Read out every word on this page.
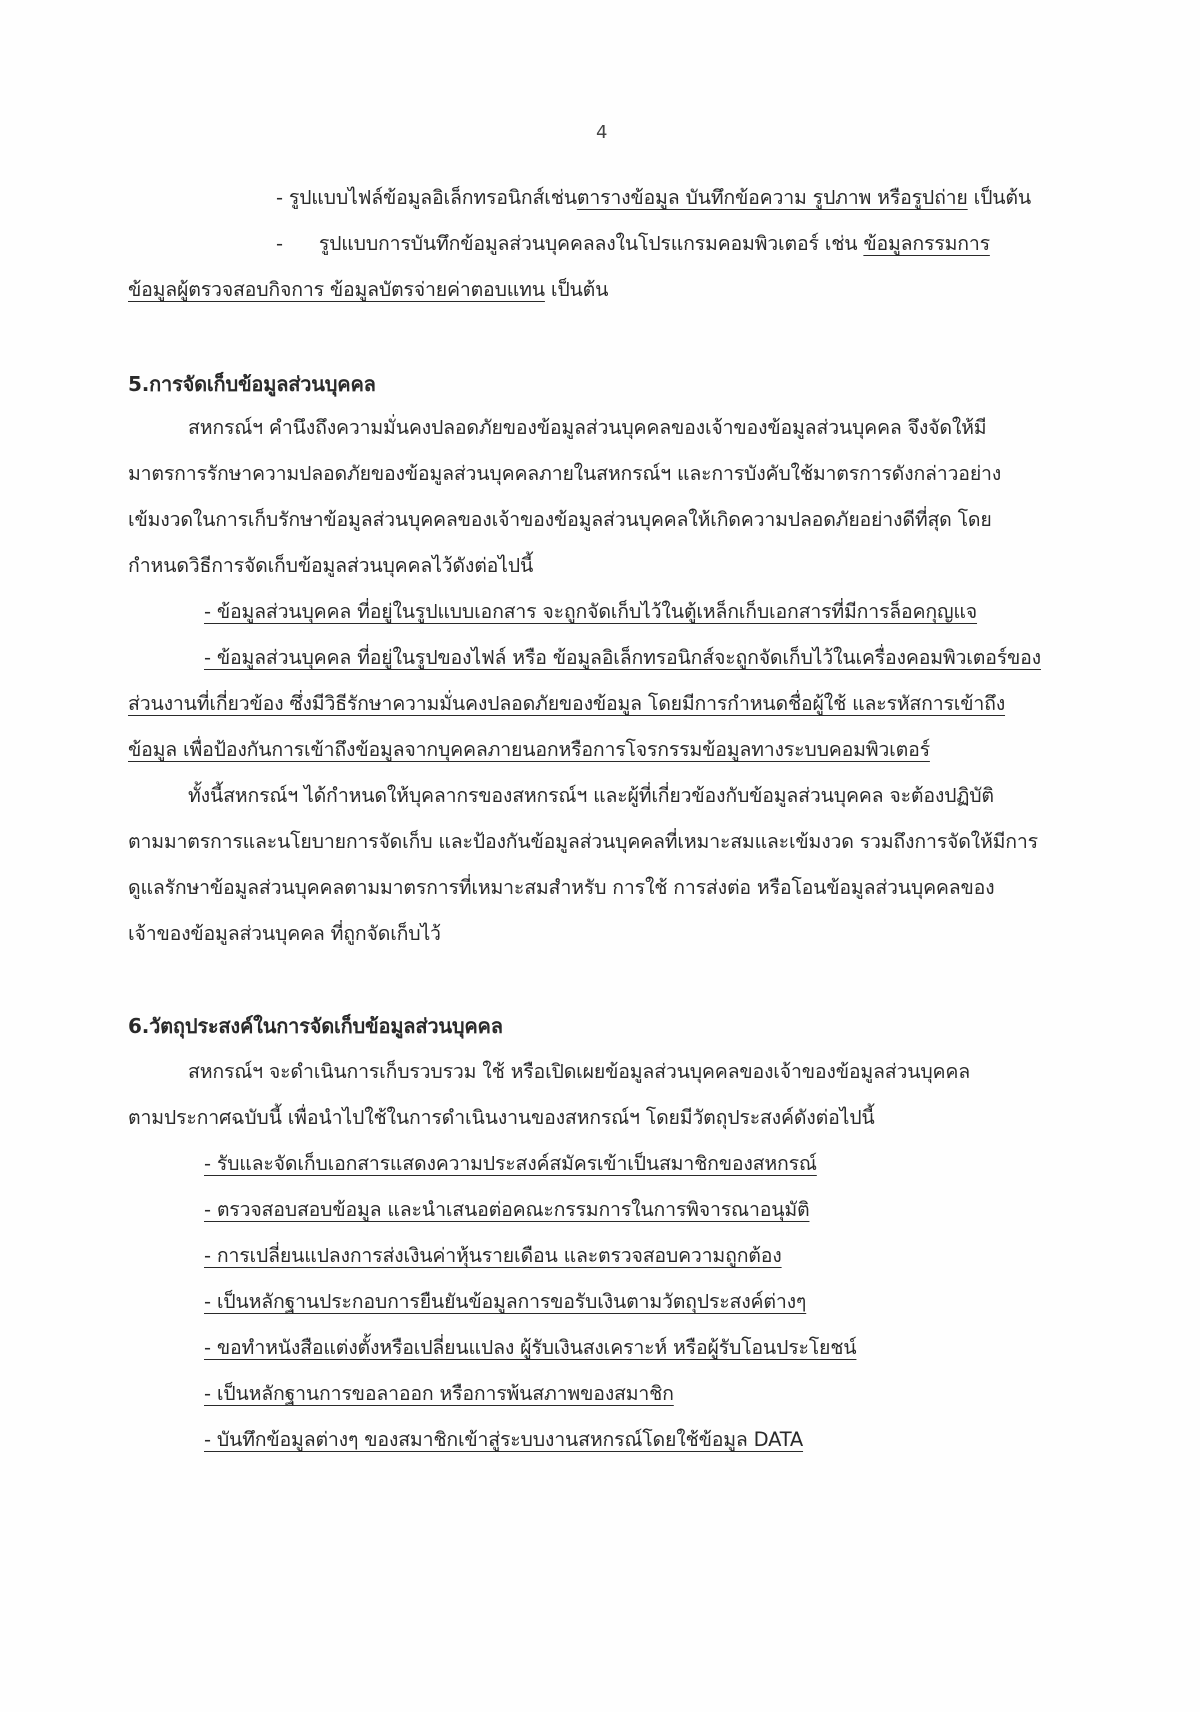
4
- รูปแบบไฟล์ข้อมูลอิเล็กทรอนิกส์เช่นตารางข้อมูล บันทึกข้อความ รูปภาพ หรือรูปถ่าย เป็นต้น
- รูปแบบการบันทึกข้อมูลส่วนบุคคลลงในโปรแกรมคอมพิวเตอร์ เช่น ข้อมูลกรรมการ
ข้อมูลผู้ตรวจสอบกิจการ ข้อมูลบัตรจ่ายค่าตอบแทน เป็นต้น
5.การจัดเก็บข้อมูลส่วนบุคคล
สหกรณ์ฯ คำนึงถึงความมั่นคงปลอดภัยของข้อมูลส่วนบุคคลของเจ้าของข้อมูลส่วนบุคคล จึงจัดให้มี
มาตรการรักษาความปลอดภัยของข้อมูลส่วนบุคคลภายในสหกรณ์ฯ และการบังคับใช้มาตรการดังกล่าวอย่าง
เข้มงวดในการเก็บรักษาข้อมูลส่วนบุคคลของเจ้าของข้อมูลส่วนบุคคลให้เกิดความปลอดภัยอย่างดีที่สุด โดย
กำหนดวิธีการจัดเก็บข้อมูลส่วนบุคคลไว้ดังต่อไปนี้
- ข้อมูลส่วนบุคคล ที่อยู่ในรูปแบบเอกสาร จะถูกจัดเก็บไว้ในตู้เหล็กเก็บเอกสารที่มีการล็อคกุญแจ
- ข้อมูลส่วนบุคคล ที่อยู่ในรูปของไฟล์ หรือ ข้อมูลอิเล็กทรอนิกส์จะถูกจัดเก็บไว้ในเครื่องคอมพิวเตอร์ของ
ส่วนงานที่เกี่ยวข้อง ซึ่งมีวิธีรักษาความมั่นคงปลอดภัยของข้อมูล โดยมีการกำหนดชื่อผู้ใช้ และรหัสการเข้าถึง
ข้อมูล เพื่อป้องกันการเข้าถึงข้อมูลจากบุคคลภายนอกหรือการโจรกรรมข้อมูลทางระบบคอมพิวเตอร์
ทั้งนี้สหกรณ์ฯ ได้กำหนดให้บุคลากรของสหกรณ์ฯ และผู้ที่เกี่ยวข้องกับข้อมูลส่วนบุคคล จะต้องปฏิบัติ
ตามมาตรการและนโยบายการจัดเก็บ และป้องกันข้อมูลส่วนบุคคลที่เหมาะสมและเข้มงวด รวมถึงการจัดให้มีการ
ดูแลรักษาข้อมูลส่วนบุคคลตามมาตรการที่เหมาะสมสำหรับ การใช้ การส่งต่อ หรือโอนข้อมูลส่วนบุคคลของ
เจ้าของข้อมูลส่วนบุคคล ที่ถูกจัดเก็บไว้
6.วัตถุประสงค์ในการจัดเก็บข้อมูลส่วนบุคคล
สหกรณ์ฯ จะดำเนินการเก็บรวบรวม ใช้ หรือเปิดเผยข้อมูลส่วนบุคคลของเจ้าของข้อมูลส่วนบุคคล
ตามประกาศฉบับนี้ เพื่อนำไปใช้ในการดำเนินงานของสหกรณ์ฯ โดยมีวัตถุประสงค์ดังต่อไปนี้
- รับและจัดเก็บเอกสารแสดงความประสงค์สมัครเข้าเป็นสมาชิกของสหกรณ์
- ตรวจสอบสอบข้อมูล และนำเสนอต่อคณะกรรมการในการพิจารณาอนุมัติ
- การเปลี่ยนแปลงการส่งเงินค่าหุ้นรายเดือน และตรวจสอบความถูกต้อง
- เป็นหลักฐานประกอบการยืนยันข้อมูลการขอรับเงินตามวัตถุประสงค์ต่างๆ
- ขอทำหนังสือแต่งตั้งหรือเปลี่ยนแปลง ผู้รับเงินสงเคราะห์ หรือผู้รับโอนประโยชน์
- เป็นหลักฐานการขอลาออก หรือการพ้นสภาพของสมาชิก
- บันทึกข้อมูลต่างๆ ของสมาชิกเข้าสู่ระบบงานสหกรณ์โดยใช้ข้อมูล DATA
